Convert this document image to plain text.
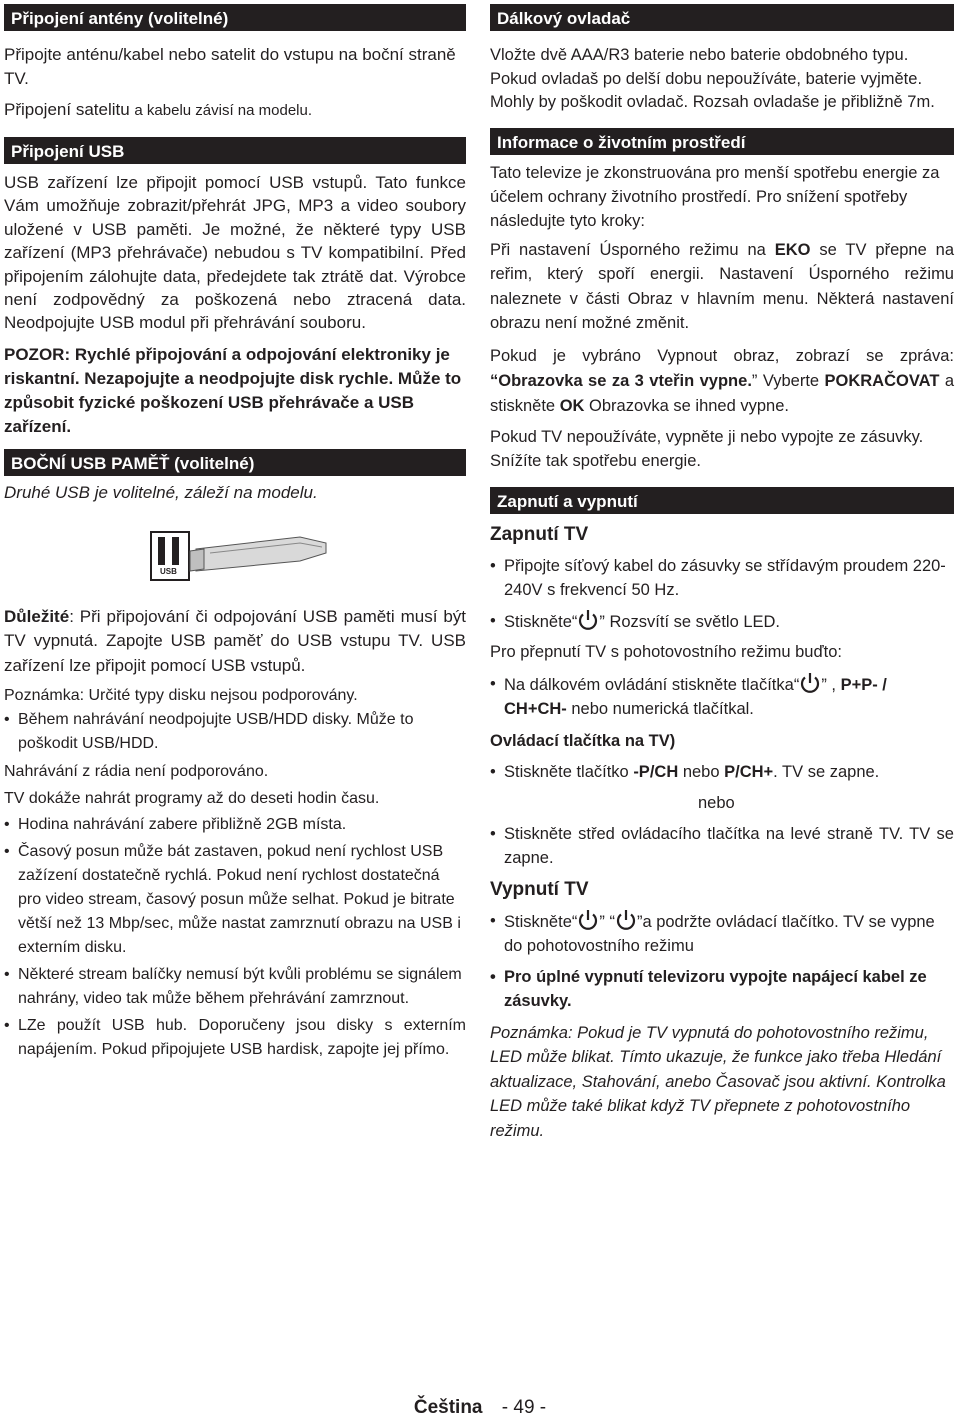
Připojení antény (volitelné)

Připojte anténu/kabel nebo satelit do vstupu na boční straně TV.

Připojení satelitu a kabelu závisí na modelu.

Připojení USB

USB zařízení lze připojit pomocí USB vstupů. Tato funkce Vám umožňuje zobrazit/přehrát JPG, MP3 a video soubory uložené v USB paměti. Je možné, že některé typy USB zařízení (MP3 přehrávače) nebudou s TV kompatibilní. Před připojením zálohujte data, předejdete tak ztrátě dat. Výrobce není zodpovědný za poškozená nebo ztracená data. Neodpojujte USB modul při přehrávání souboru.

POZOR: Rychlé připojování a odpojování elektroniky je riskantní. Nezapojujte a neodpojujte disk rychle. Může to způsobit fyzické poškození USB přehrávače a USB zařízení.

BOČNÍ USB PAMĚŤ (volitelné)

Druhé USB je volitelné, záleží na modelu.

USB

Důležité: Při připojování či odpojování USB paměti musí být TV vypnutá. Zapojte USB paměť do USB vstupu TV. USB zařízení lze připojit pomocí USB vstupů.

Poznámka: Určité typy disku nejsou podporovány.

• Během nahrávání neodpojujte USB/HDD disky. Může to poškodit USB/HDD.

Nahrávání z rádia není podporováno.

TV dokáže nahrát programy až do deseti hodin času.

• Hodina nahrávání zabere přibližně 2GB místa.

• Časový posun může bát zastaven, pokud není rychlost USB zažízení dostatečně rychlá. Pokud není rychlost dostatečná pro video stream, časový posun může selhat. Pokud je bitrate větší než 13 Mbp/sec, může nastat zamrznutí obrazu na USB i externím disku.

• Některé stream balíčky nemusí být kvůli problému se signálem nahrány, video tak může během přehrávání zamrznout.

• LZe použít USB hub. Doporučeny jsou disky s externím napájením. Pokud připojujete USB hardisk, zapojte jej přímo.

Dálkový ovladač

Vložte dvě AAA/R3 baterie nebo baterie obdobného typu. Pokud ovladaš po delší dobu nepoužíváte, baterie vyjměte. Mohly by poškodit ovladač. Rozsah ovladaše je přibližně 7m.

Informace o životním prostředí

Tato televize je zkonstruována pro menší spotřebu energie za účelem ochrany životního prostředí. Pro snížení spotřeby následujte tyto kroky:

Při nastavení Úsporného režimu na EKO se TV přepne na reřim, který spoří energii. Nastavení Úsporného režimu naleznete v části Obraz v hlavním menu. Některá nastavení obrazu není možné změnit.

Pokud je vybráno Vypnout obraz, zobrazí se zpráva: “Obrazovka se za 3 vteřin vypne.” Vyberte POKRAČOVAT a stiskněte OK Obrazovka se ihned vypne.

Pokud TV nepoužíváte, vypněte ji nebo vypojte ze zásuvky. Snížíte tak spotřebu energie.

Zapnutí a vypnutí

Zapnutí TV

• Připojte síťový kabel do zásuvky se střídavým proudem 220-240V s frekvencí 50 Hz.

• Stiskněte“ ” Rozsvítí se světlo LED.

Pro přepnutí TV s pohotovostního režimu buďto:

• Na dálkovém ovládání stiskněte tlačítka“ ” , P+P- / CH+CH- nebo numerická tlačítkal.

Ovládací tlačítka na TV)

• Stiskněte tlačítko -P/CH nebo P/CH+. TV se zapne.

nebo

• Stiskněte střed ovládacího tlačítka na levé straně TV. TV se zapne.

Vypnutí TV

• Stiskněte“ ” “ ”a podržte ovládací tlačítko. TV se vypne do pohotovostního režimu

• Pro úplné vypnutí televizoru vypojte napájecí kabel ze zásuvky.

Poznámka: Pokud je TV vypnutá do pohotovostního režimu, LED může blikat. Tímto ukazuje, že funkce jako třeba Hledání aktualizace, Stahování, anebo Časovač jsou aktivní. Kontrolka LED může také blikat když TV přepnete z pohotovostního režimu.

Čeština - 49 -
